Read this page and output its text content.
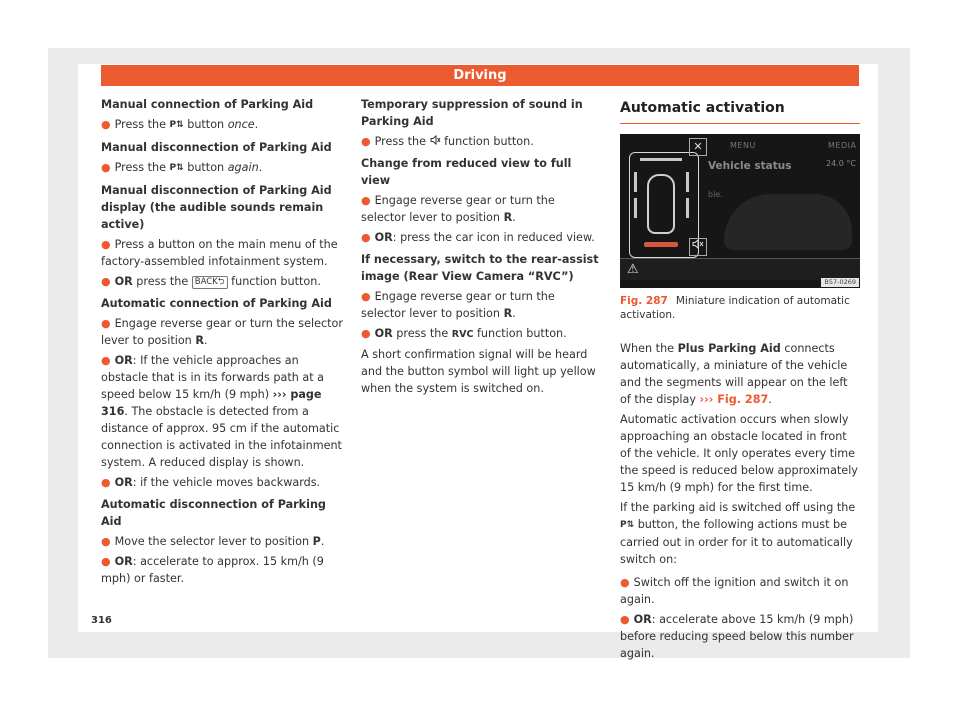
Driving
Manual connection of Parking Aid
● Press the P⇅ button once.
Manual disconnection of Parking Aid
● Press the P⇅ button again.
Manual disconnection of Parking Aid display (the audible sounds remain active)
● Press a button on the main menu of the factory-assembled infotainment system.
● OR press the BACK⮌ function button.
Automatic connection of Parking Aid
● Engage reverse gear or turn the selector lever to position R.
● OR: If the vehicle approaches an obstacle that is in its forwards path at a speed below 15 km/h (9 mph) ››› page 316. The obstacle is detected from a distance of approx. 95 cm if the automatic connection is activated in the infotainment system. A reduced display is shown.
● OR: if the vehicle moves backwards.
Automatic disconnection of Parking Aid
● Move the selector lever to position P.
● OR: accelerate to approx. 15 km/h (9 mph) or faster.
Temporary suppression of sound in Parking Aid
● Press the  function button.
Change from reduced view to full view
● Engage reverse gear or turn the selector lever to position R.
● OR: press the car icon in reduced view.
If necessary, switch to the rear-assist image (Rear View Camera “RVC”)
● Engage reverse gear or turn the selector lever to position R.
● OR press the RVC function button.
A short confirmation signal will be heard and the button symbol will light up yellow when the system is switched on.
Automatic activation
MENU	MEDIA
Vehicle status	24.0 °C
ble.
✕
⚠
B57-0269
Fig. 287 Miniature indication of automatic activation.
When the Plus Parking Aid connects automatically, a miniature of the vehicle and the segments will appear on the left of the display ››› Fig. 287.
Automatic activation occurs when slowly approaching an obstacle located in front of the vehicle. It only operates every time the speed is reduced below approximately 15 km/h (9 mph) for the first time.
If the parking aid is switched off using the P⇅ button, the following actions must be carried out in order for it to automatically switch on:
● Switch off the ignition and switch it on again.
● OR: accelerate above 15 km/h (9 mph) before reducing speed below this number again.
316
